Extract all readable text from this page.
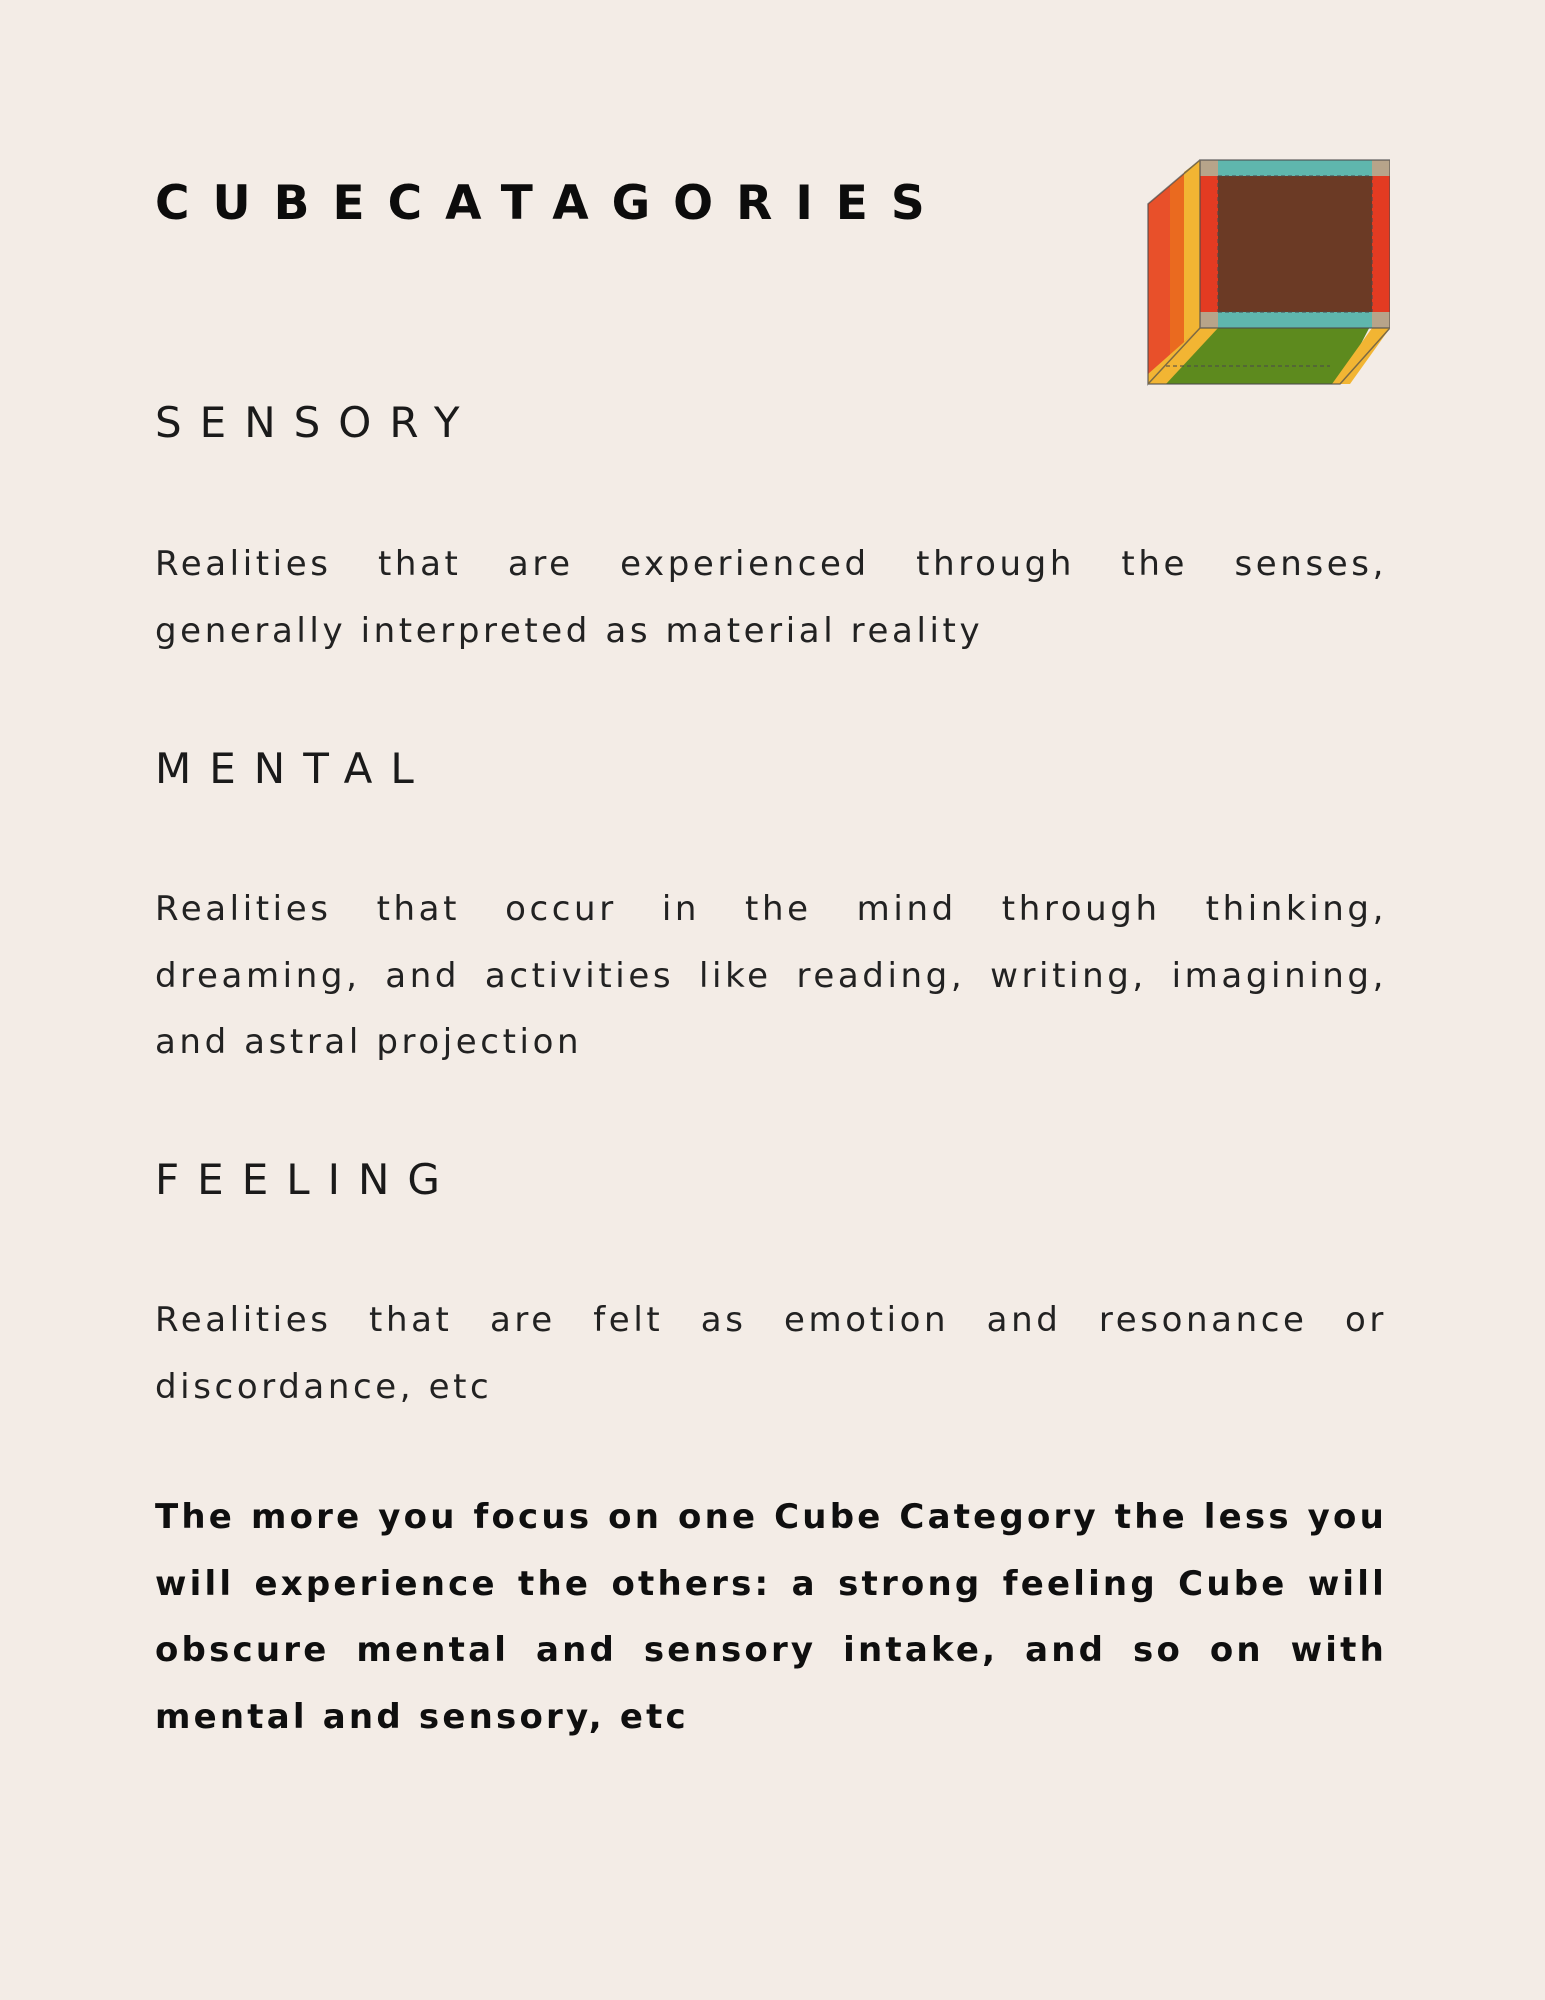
CUBECATAGORIES
SENSORY

Realities that are experienced through the senses, generally interpreted as material reality

MENTAL

Realities that occur in the mind through thinking, dreaming, and activities like reading, writing, imagining, and astral projection

FEELING

Realities that are felt as emotion and resonance or discordance, etc

The more you focus on one Cube Category the less you will experience the others: a strong feeling Cube will obscure mental and sensory intake, and so on with mental and sensory, etc
